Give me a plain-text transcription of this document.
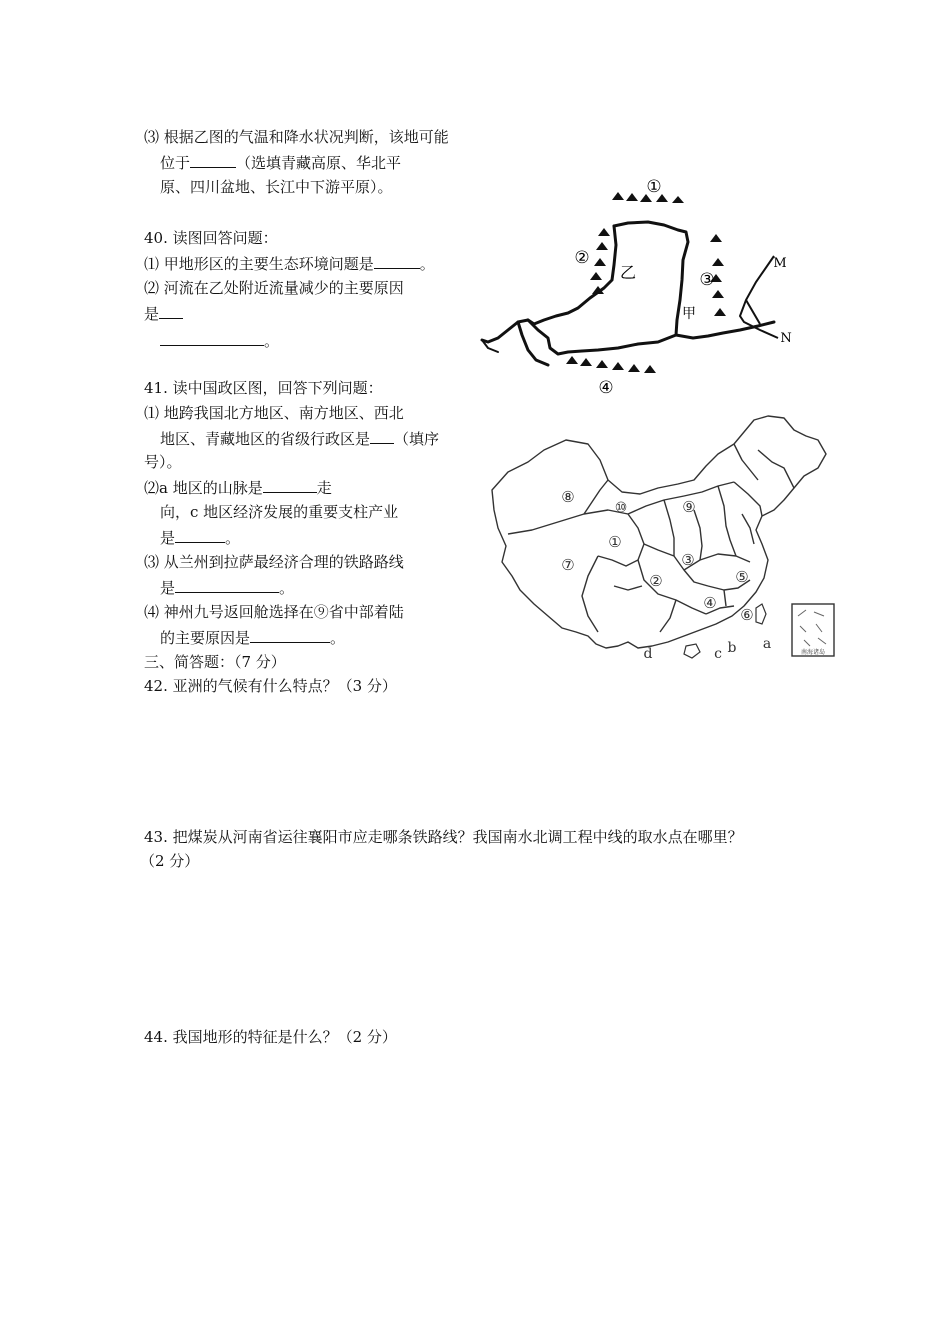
⑶ 根据乙图的气温和降水状况判断，该地可能
位于	（选填青藏高原、华北平
原、四川盆地、长江中下游平原）。
40. 读图回答问题：
⑴ 甲地形区的主要生态环境问题是	。
⑵ 河流在乙处附近流量减少的主要原因
是
。
①
②
③
④
乙
甲
M
N
41. 读中国政区图，回答下列问题：
⑴ 地跨我国北方地区、南方地区、西北
地区、青藏地区的省级行政区是 （填序
号）。
⑵a 地区的山脉是	走
向，c 地区经济发展的重要支柱产业
是	。
⑶ 从兰州到拉萨最经济合理的铁路路线
是	。
⑷ 神州九号返回舱选择在⑨省中部着陆
的主要原因是	。
南海诸岛
⑧
⑩	⑨
①
⑦	③
⑤
②
④
⑥
d	c b a
三、简答题：（7 分）
42. 亚洲的气候有什么特点？（3 分）
43. 把煤炭从河南省运往襄阳市应走哪条铁路线？我国南水北调工程中线的取水点在哪里？
（2 分）
44. 我国地形的特征是什么？（2 分）
